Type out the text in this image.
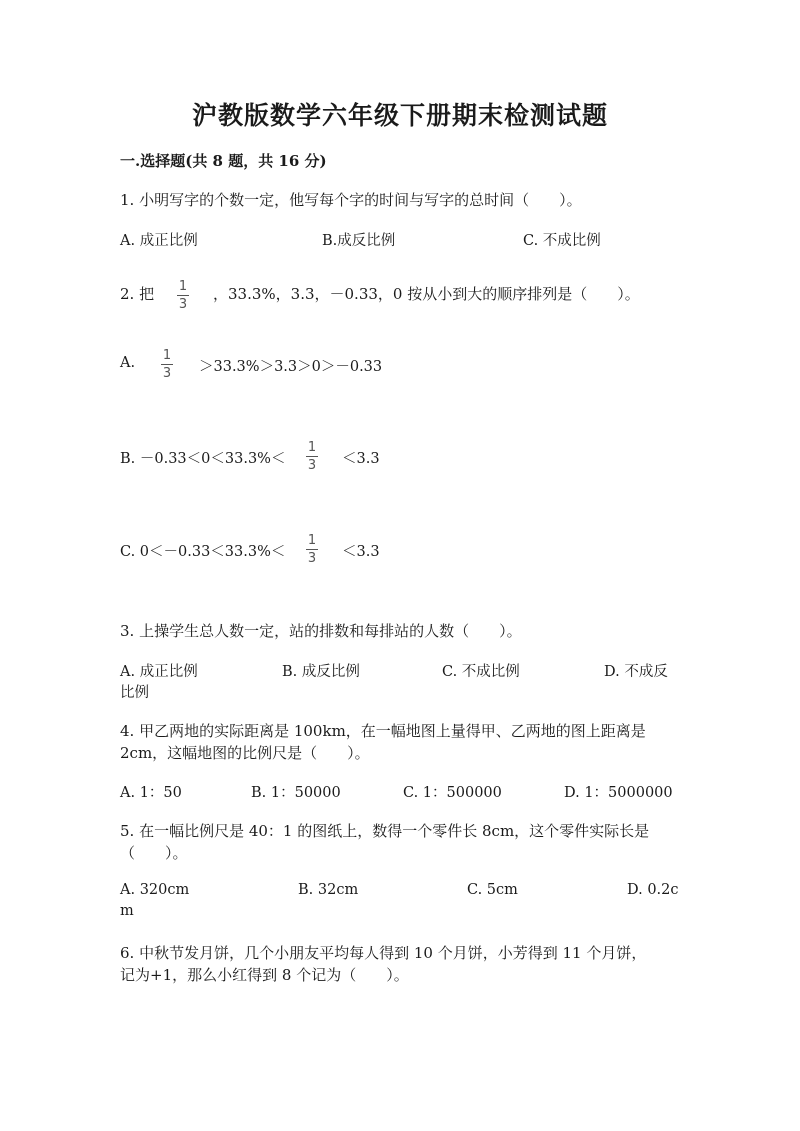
沪教版数学六年级下册期末检测试题
一.选择题(共 8 题，共 16 分)
1. 小明写字的个数一定，他写每个字的时间与写字的总时间（　　）。
A. 成正比例	B.成反比例	C. 不成比例
2. 把 1
3
，33.3%，3.3，－0.33，0 按从小到大的顺序排列是（　　）。
A. 1
3 ＞33.3%＞3.3＞0＞－0.33
B. －0.33＜0＜33.3%＜
1
3 ＜3.3
C. 0＜－0.33＜33.3%＜
1
3 ＜3.3
3. 上操学生总人数一定，站的排数和每排站的人数（　　）。
A. 成正比例	B. 成反比例	C. 不成比例	D. 不成反
比例
4. 甲乙两地的实际距离是 100km，在一幅地图上量得甲、乙两地的图上距离是
2cm，这幅地图的比例尺是（　　）。
A. 1：50	B. 1：50000	C. 1：500000	D. 1：5000000
5. 在一幅比例尺是 40：1 的图纸上，数得一个零件长 8cm，这个零件实际长是
（　　）。
A. 320cm	B. 32cm	C. 5cm	D. 0.2c
m
6. 中秋节发月饼，几个小朋友平均每人得到 10 个月饼，小芳得到 11 个月饼，
记为+1，那么小红得到 8 个记为（　　）。
